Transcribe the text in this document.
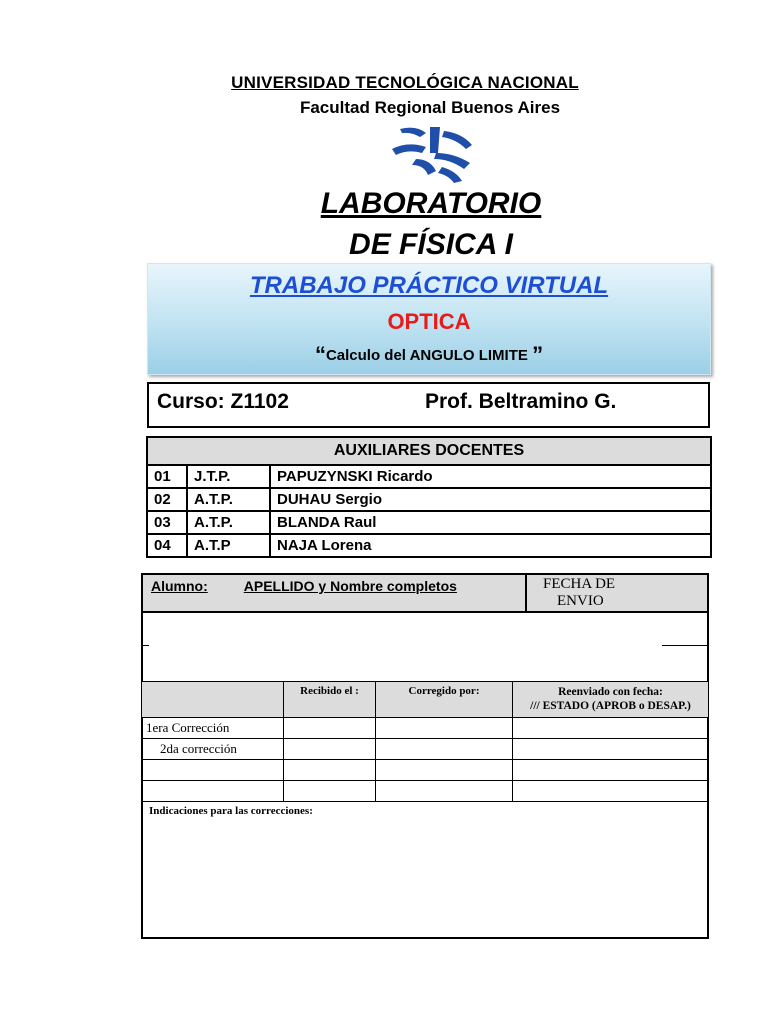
UNIVERSIDAD TECNOLÓGICA NACIONAL
Facultad Regional Buenos Aires
LABORATORIO
DE FÍSICA I
TRABAJO PRÁCTICO VIRTUAL
OPTICA
“Calculo del ANGULO LIMITE ”
Curso: Z1102	Prof. Beltramino G.
AUXILIARES DOCENTES		
01	J.T.P.	PAPUZYNSKI Ricardo
02	A.T.P.	DUHAU Sergio
03	A.T.P.	BLANDA Raul
04	A.T.P	NAJA Lorena
Alumno:	APELLIDO y Nombre completos	FECHA DE
ENVIO
	Recibido el :	Corregido por:	Reenviado con fecha:
/// ESTADO (APROB o DESAP.)

1era Corrección			
2da corrección			

Indicaciones para las correcciones:
